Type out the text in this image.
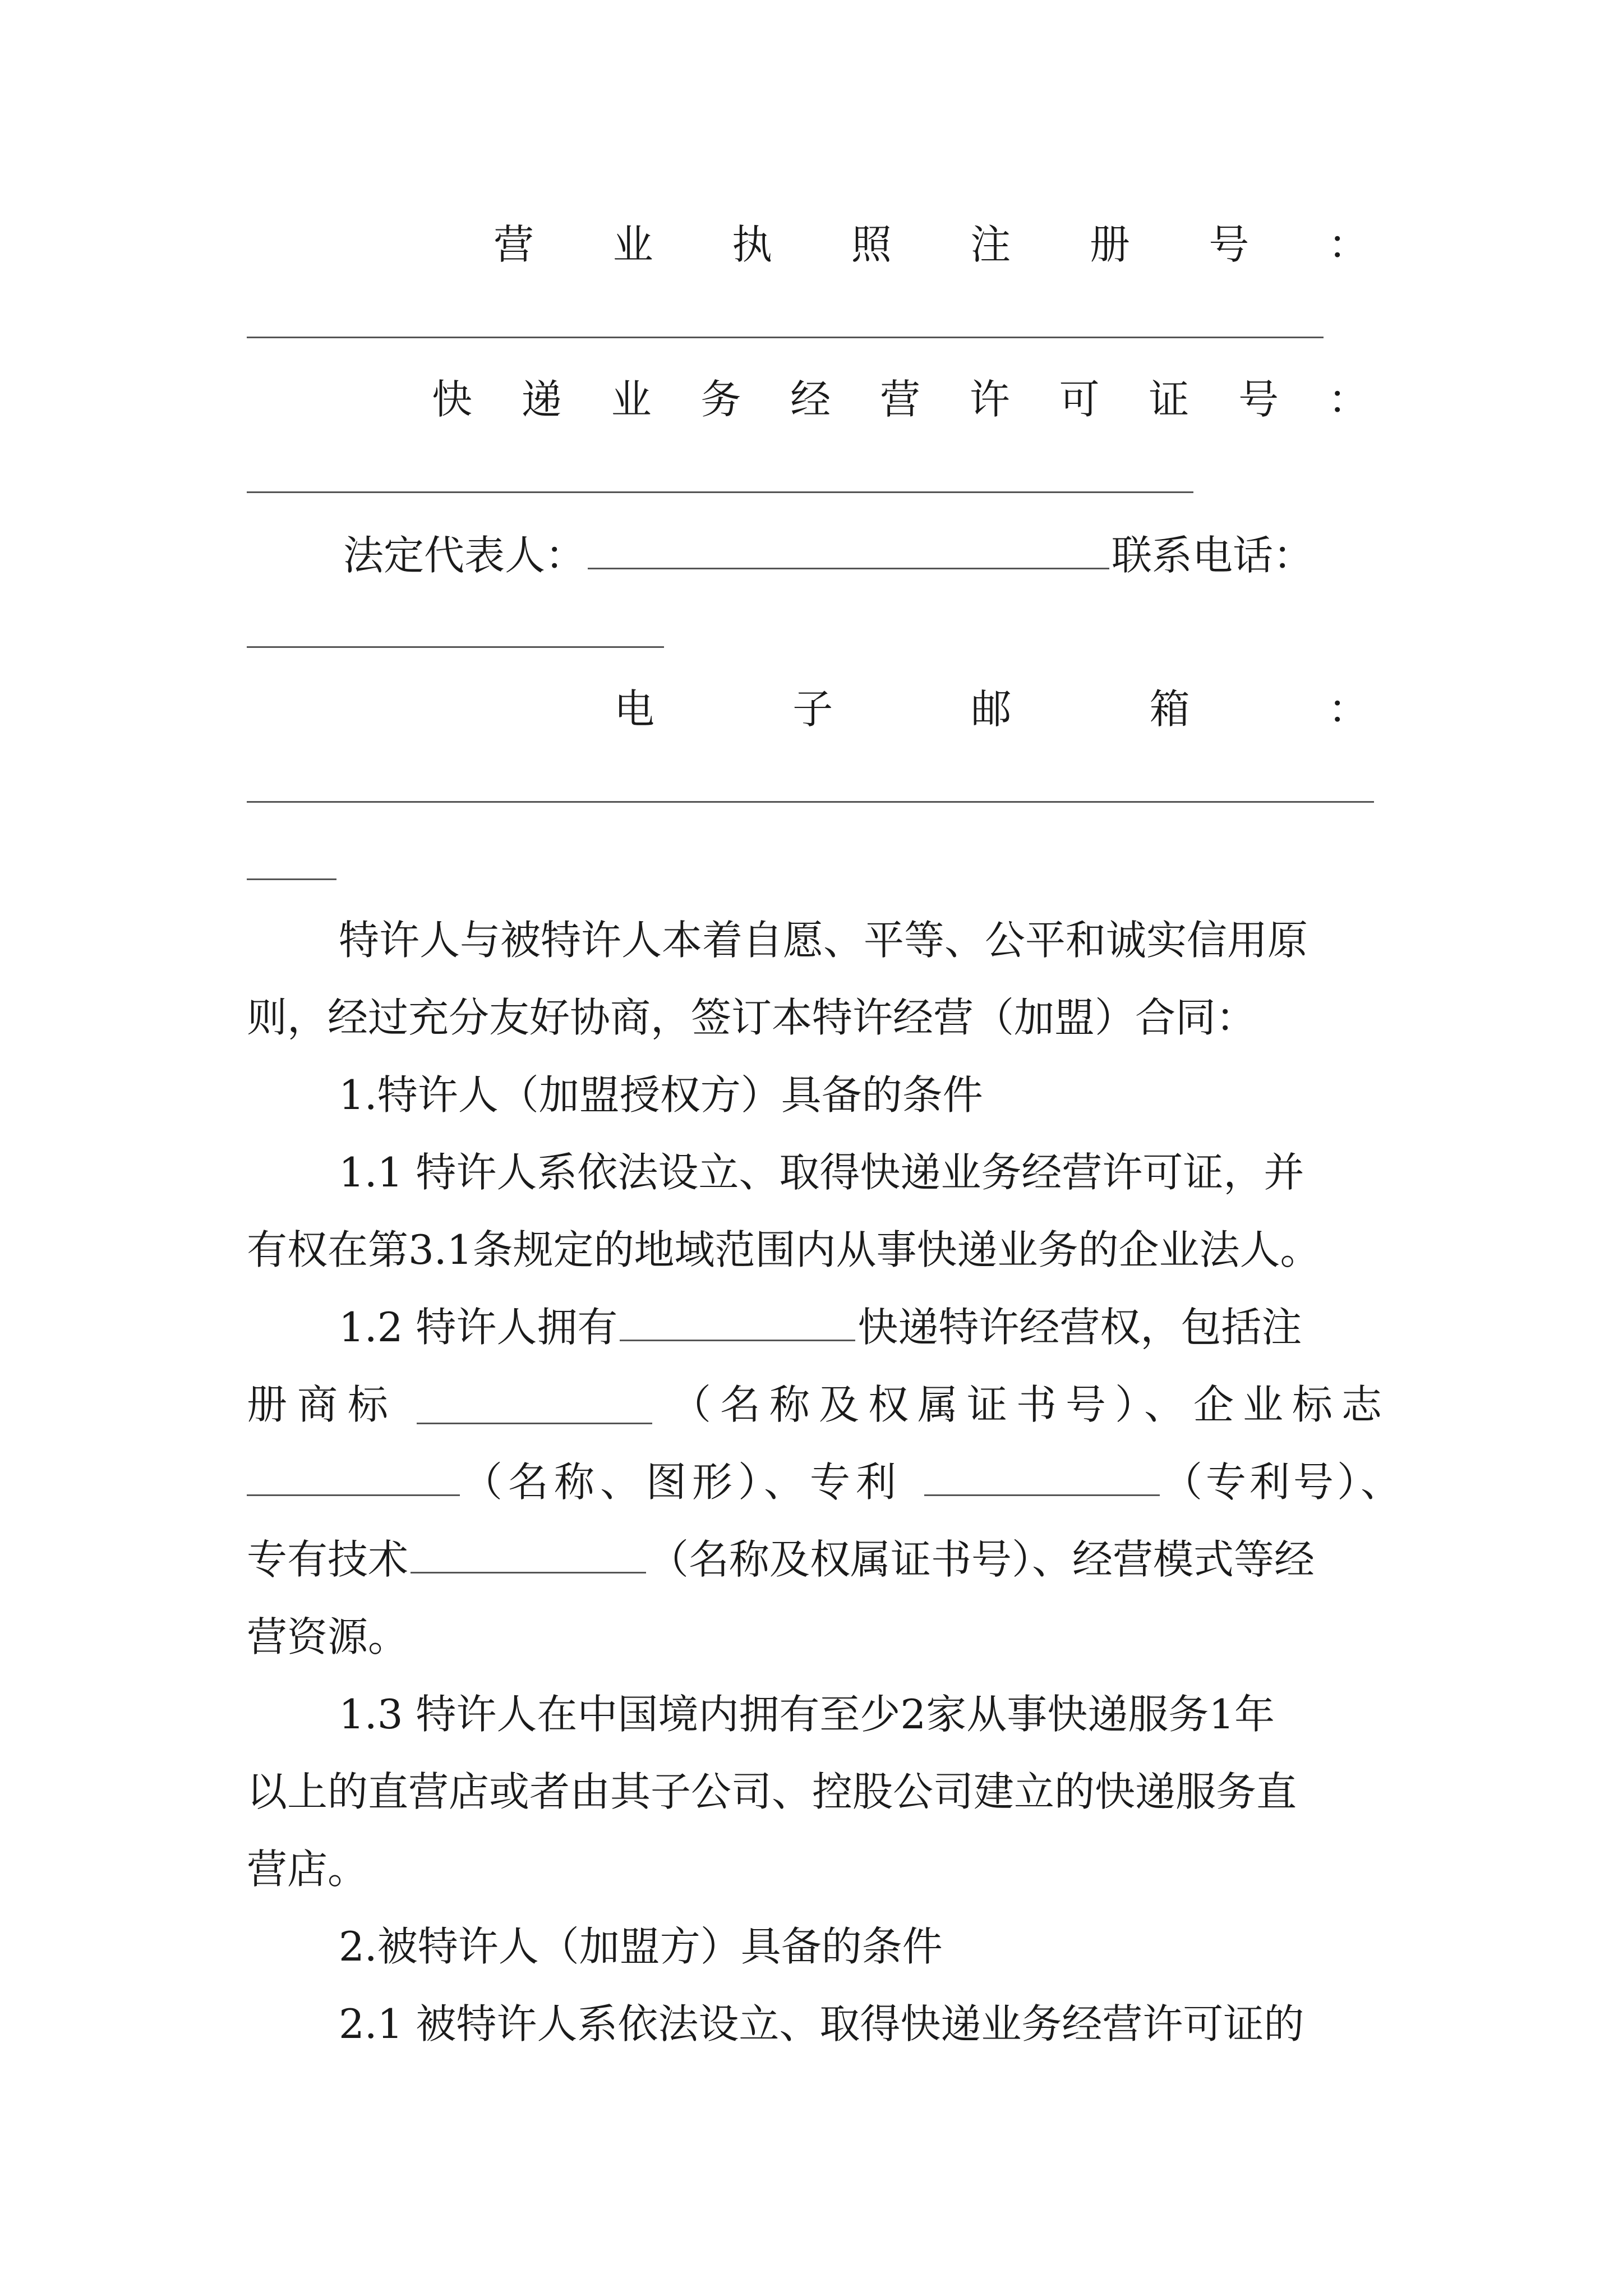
营 业 执 照 注 册 号 ：
快 递 业 务 经 营 许 可 证 号 ：
法定代表人：	联系电话：
电	子	邮	箱	：
特许人与被特许人本着自愿、平等、公平和诚实信用原
则，经过充分友好协商，签订本特许经营（加盟）合同：
1.特许人（加盟授权方）具备的条件
1.1 特许人系依法设立、取得快递业务经营许可证，并
有权在第3.1条规定的地域范围内从事快递业务的企业法人。
1.2 特许人拥有	快递特许经营权，包括注
册商标	（名称及权属证书号）、企业标志
（名称、图形）、专利	（专利号）、
专有技术	（名称及权属证书号）、经营模式等经
营资源。
1.3 特许人在中国境内拥有至少2家从事快递服务1年
以上的直营店或者由其子公司、控股公司建立的快递服务直
营店。
2.被特许人（加盟方）具备的条件
2.1 被特许人系依法设立、取得快递业务经营许可证的
